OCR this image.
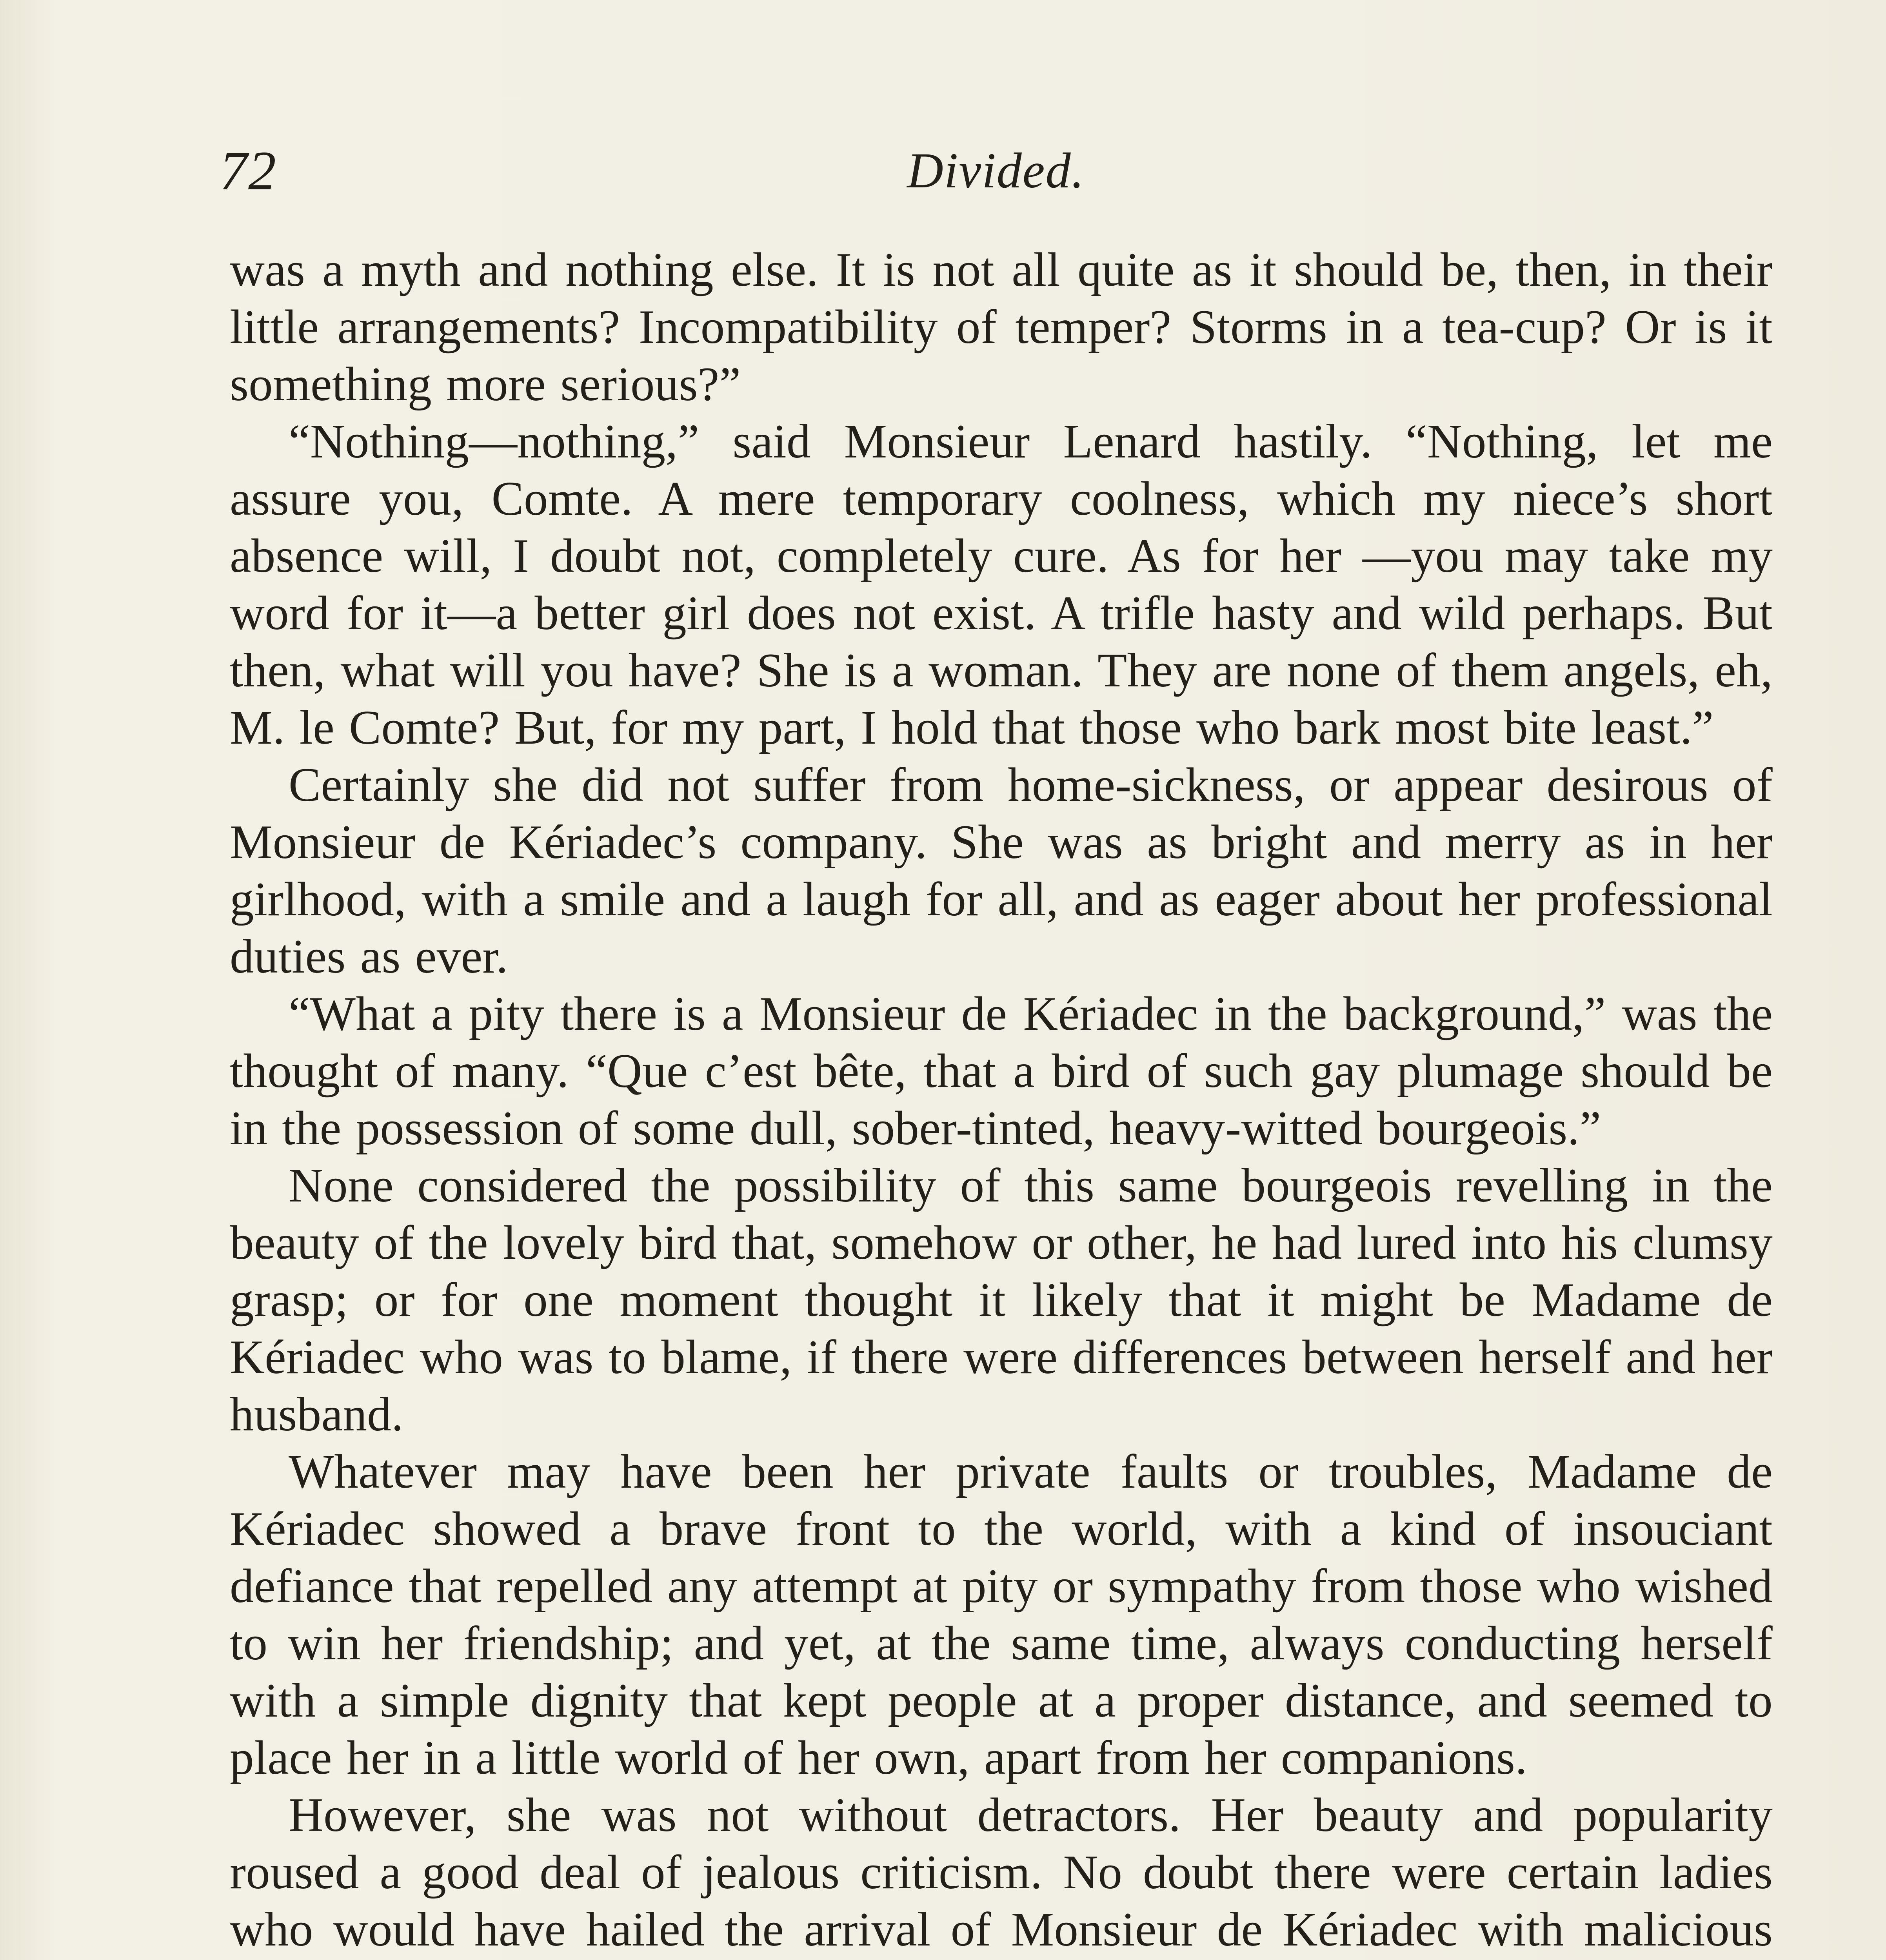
72	Divided.

was a myth and nothing else. It is not all quite as it should be, then, in their little arrangements? Incompatibility of temper? Storms in a tea-cup? Or is it something more serious?”

“Nothing—nothing,” said Monsieur Lenard hastily. “Nothing, let me assure you, Comte. A mere temporary coolness, which my niece’s short absence will, I doubt not, completely cure. As for her —you may take my word for it—a better girl does not exist. A trifle hasty and wild perhaps. But then, what will you have? She is a woman. They are none of them angels, eh, M. le Comte? But, for my part, I hold that those who bark most bite least.”

Certainly she did not suffer from home-sickness, or appear desirous of Monsieur de Kériadec’s company. She was as bright and merry as in her girlhood, with a smile and a laugh for all, and as eager about her professional duties as ever.

“What a pity there is a Monsieur de Kériadec in the background,” was the thought of many. “Que c’est bête, that a bird of such gay plumage should be in the possession of some dull, sober-tinted, heavy-witted bourgeois.”

None considered the possibility of this same bourgeois revelling in the beauty of the lovely bird that, somehow or other, he had lured into his clumsy grasp; or for one moment thought it likely that it might be Madame de Kériadec who was to blame, if there were differences between herself and her husband.

Whatever may have been her private faults or troubles, Madame de Kériadec showed a brave front to the world, with a kind of insouciant defiance that repelled any attempt at pity or sympathy from those who wished to win her friendship; and yet, at the same time, always conducting herself with a simple dignity that kept people at a proper distance, and seemed to place her in a little world of her own, apart from her companions.

However, she was not without detractors. Her beauty and popularity roused a good deal of jealous criticism. No doubt there were certain ladies who would have hailed the arrival of Monsieur de Kériadec with malicious
